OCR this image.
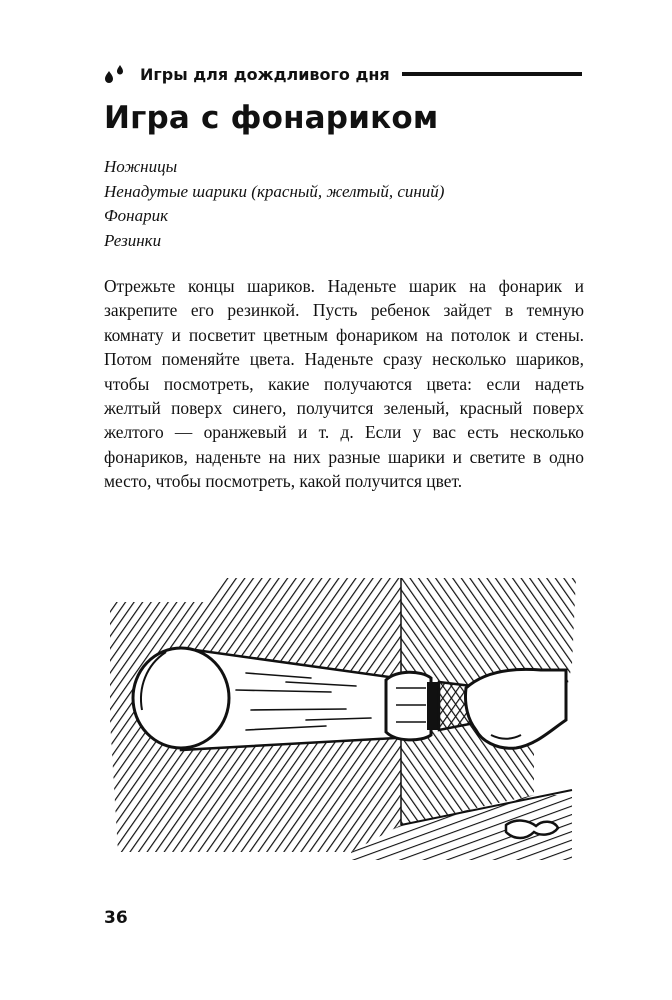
Игры для дождливого дня
Игра с фонариком
Ножницы
Ненадутые шарики (красный, желтый, синий)
Фонарик
Резинки

Отрежьте концы шариков. Наденьте шарик на фонарик и закрепите его резинкой. Пусть ребенок зайдет в темную комнату и посветит цветным фонариком на потолок и стены. Потом поменяйте цвета. Наденьте сразу несколько шариков, чтобы посмотреть, какие получаются цвета: если надеть желтый поверх синего, получится зеленый, красный поверх желтого — оранжевый и т. д. Если у вас есть несколько фонариков, наденьте на них разные шарики и светите в одно место, чтобы посмотреть, какой получится цвет.

36
